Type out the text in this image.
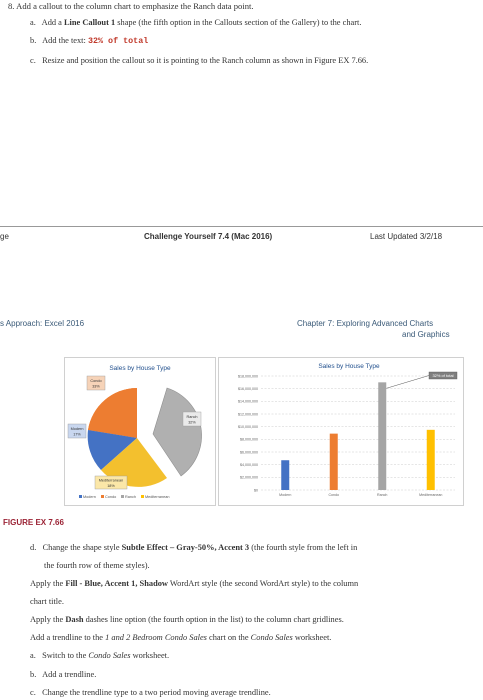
8. Add a callout to the column chart to emphasize the Ranch data point.
a. Add a Line Callout 1 shape (the fifth option in the Callouts section of the Gallery) to the chart.
b. Add the text: 32% of total
c. Resize and position the callout so it is pointing to the Ranch column as shown in Figure EX 7.66.
ge	Challenge Yourself 7.4 (Mac 2016)	Last Updated 3/2/18
s Approach: Excel 2016	Chapter 7: Exploring Advanced Charts
and Graphics
Sales by House Type
Condo
33%
Ranch
32%
Modern
17%
Mediterranean
18%
Modern Condo Ranch Mediterranean
Sales by House Type
$0
$2,000,000
$4,000,000
$6,000,000
$8,000,000
$10,000,000
$12,000,000
$14,000,000
$16,000,000
$18,000,000
Modern	Condo	Ranch	Mediterranean
32% of total
FIGURE EX 7.66
d. Change the shape style Subtle Effect – Gray-50%, Accent 3 (the fourth style from the left in
the fourth row of theme styles).
Apply the Fill - Blue, Accent 1, Shadow WordArt style (the second WordArt style) to the column
chart title.
Apply the Dash dashes line option (the fourth option in the list) to the column chart gridlines.
Add a trendline to the 1 and 2 Bedroom Condo Sales chart on the Condo Sales worksheet.
a. Switch to the Condo Sales worksheet.
b. Add a trendline.
c. Change the trendline type to a two period moving average trendline.
